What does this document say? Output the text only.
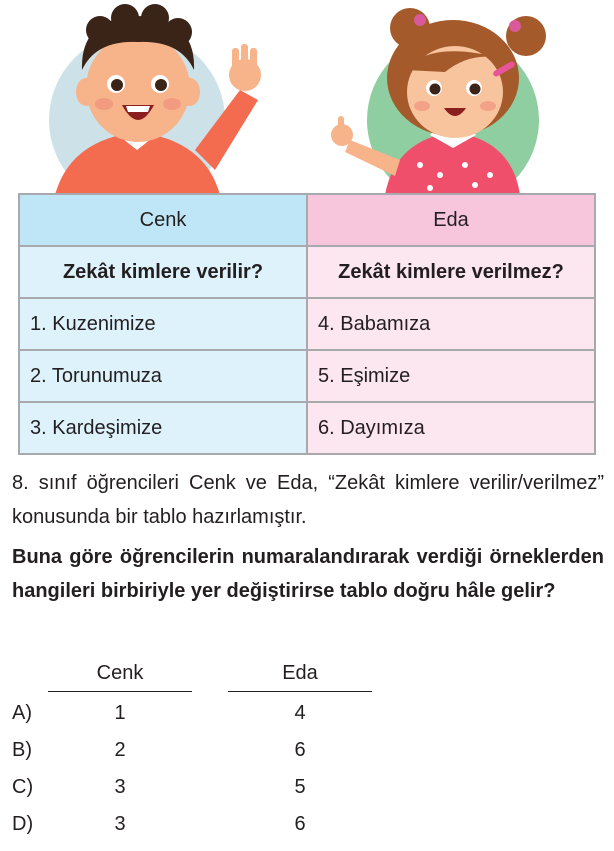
Cenk	Eda
Zekât kimlere verilir?	Zekât kimlere verilmez?
1. Kuzenimize	4. Babamıza
2. Torunumuza	5. Eşimize
3. Kardeşimize	6. Dayımıza

8. sınıf öğrencileri Cenk ve Eda, “Zekât kimlere verilir/verilmez” konusunda bir tablo hazırlamıştır.

Buna göre öğrencilerin numaralandırarak verdiği örneklerden hangileri birbiriyle yer değiştirirse tablo doğru hâle gelir?

Cenk	Eda
A)	1	4
B)	2	6
C)	3	5
D)	3	6
